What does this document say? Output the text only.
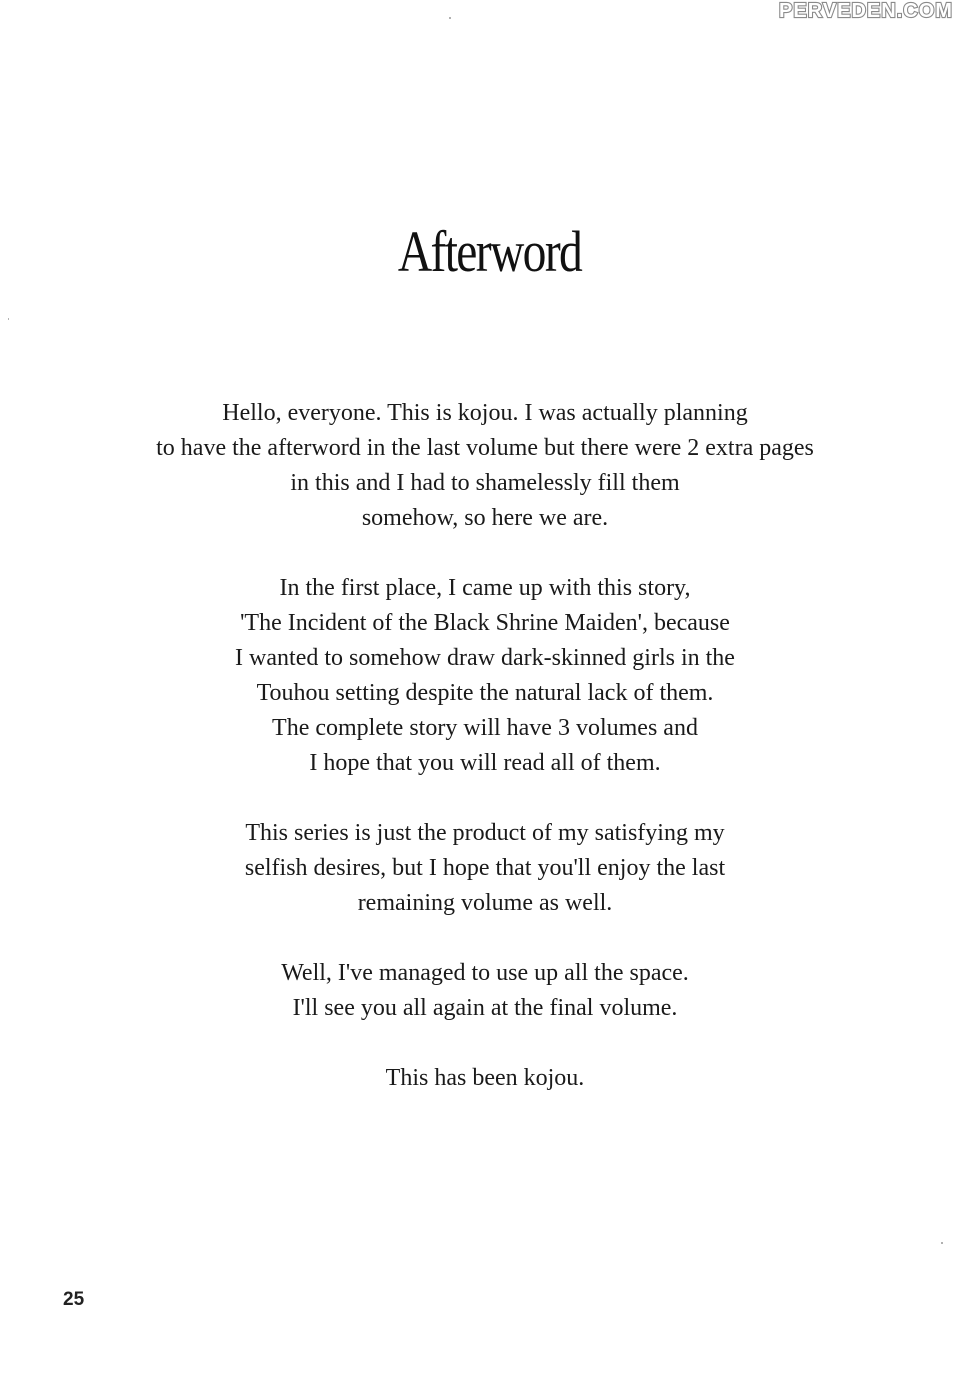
PERVEDEN.COM
Afterword

Hello, everyone. This is kojou. I was actually planning
to have the afterword in the last volume but there were 2 extra pages
in this and I had to shamelessly fill them
somehow, so here we are.

In the first place, I came up with this story,
'The Incident of the Black Shrine Maiden', because
I wanted to somehow draw dark-skinned girls in the
Touhou setting despite the natural lack of them.
The complete story will have 3 volumes and
I hope that you will read all of them.

This series is just the product of my satisfying my
selfish desires, but I hope that you'll enjoy the last
remaining volume as well.

Well, I've managed to use up all the space.
I'll see you all again at the final volume.

This has been kojou.

25
